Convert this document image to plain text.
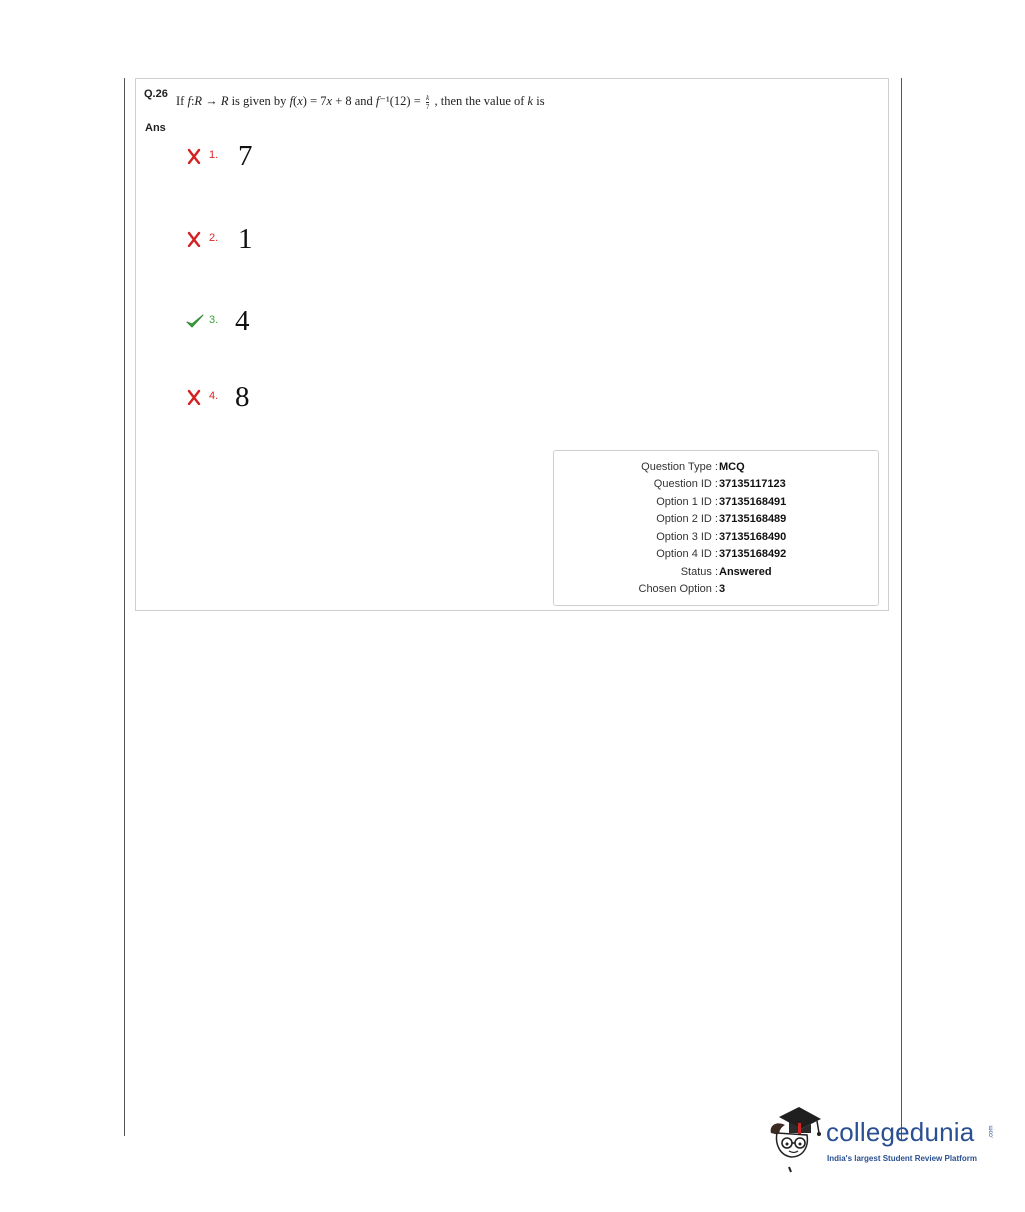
Q.26 If f:R → R is given by f(x) = 7x + 8 and $f^{-1}(12) = \frac{k}{7}$ , then the value of k is
Ans
1. 7
2. 1
3. 4
4. 8
Question Type : MCQ
Question ID : 37135117123
Option 1 ID : 37135168491
Option 2 ID : 37135168489
Option 3 ID : 37135168490
Option 4 ID : 37135168492
Status : Answered
Chosen Option : 3
collegedunia .com
India's largest Student Review Platform
